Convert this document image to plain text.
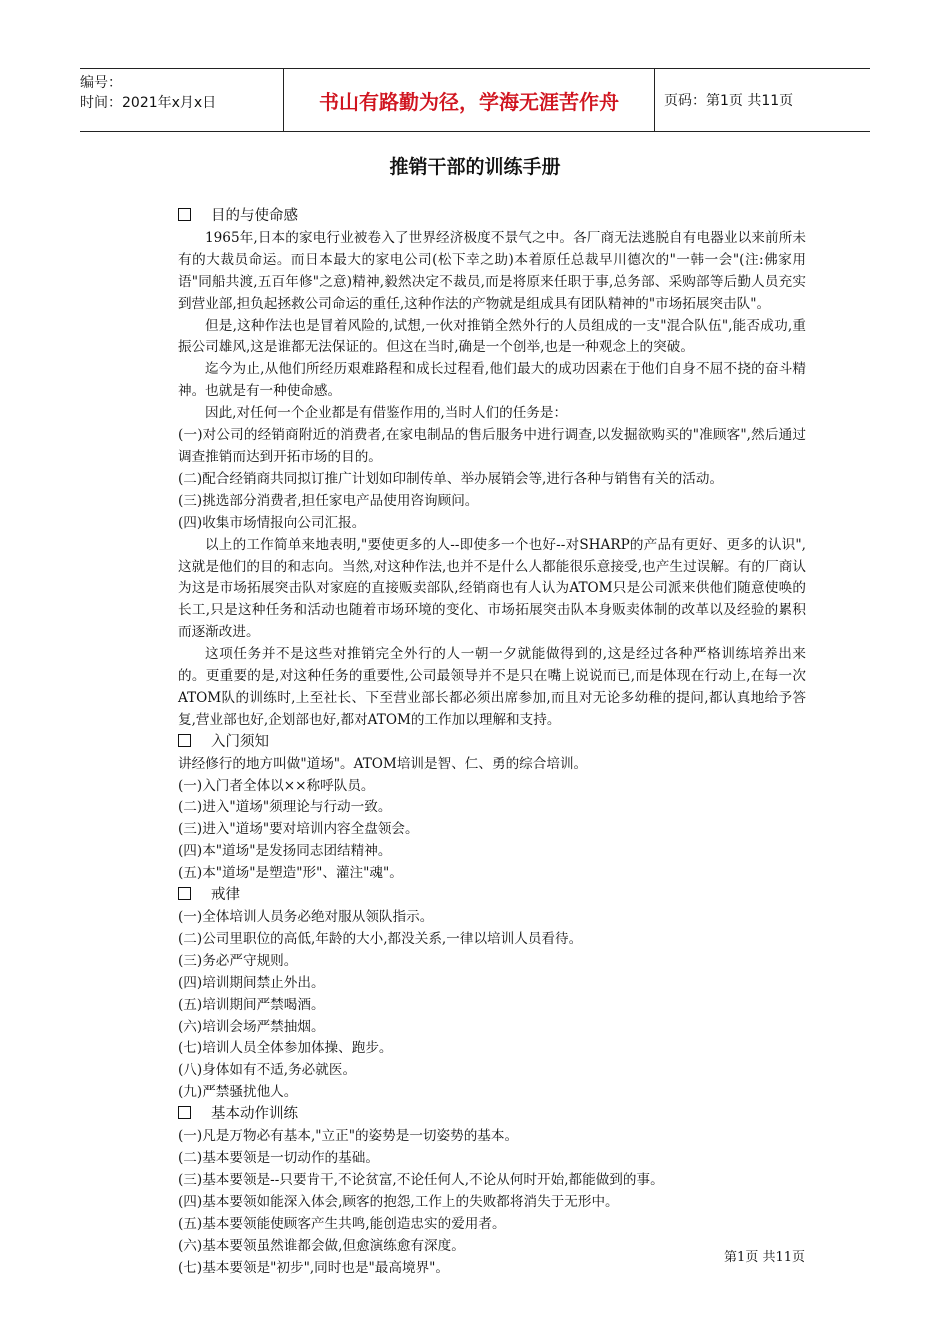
编号：
时间：2021年x月x日	书山有路勤为径，学海无涯苦作舟	页码：第1页 共11页
推销干部的训练手册
目的与使命感
1965年,日本的家电行业被卷入了世界经济极度不景气之中。各厂商无法逃脱自有电器业以来前所未有的大裁员命运。而日本最大的家电公司(松下幸之助)本着原任总裁早川德次的"一韩一会"(注:佛家用语"同船共渡,五百年修"之意)精神,毅然决定不裁员,而是将原来任职于事,总务部、采购部等后勤人员充实到营业部,担负起拯救公司命运的重任,这种作法的产物就是组成具有团队精神的"市场拓展突击队"。
但是,这种作法也是冒着风险的,试想,一伙对推销全然外行的人员组成的一支"混合队伍",能否成功,重振公司雄风,这是谁都无法保证的。但这在当时,确是一个创举,也是一种观念上的突破。
迄今为止,从他们所经历艰难路程和成长过程看,他们最大的成功因素在于他们自身不屈不挠的奋斗精神。也就是有一种使命感。
因此,对任何一个企业都是有借鉴作用的,当时人们的任务是：
(一)对公司的经销商附近的消费者,在家电制品的售后服务中进行调查,以发掘欲购买的"准顾客",然后通过调查推销而达到开拓市场的目的。
(二)配合经销商共同拟订推广计划如印制传单、举办展销会等,进行各种与销售有关的活动。
(三)挑选部分消费者,担任家电产品使用咨询顾问。
(四)收集市场情报向公司汇报。
以上的工作简单来地表明,"要使更多的人--即使多一个也好--对SHARP的产品有更好、更多的认识",这就是他们的目的和志向。当然,对这种作法,也并不是什么人都能很乐意接受,也产生过误解。有的厂商认为这是市场拓展突击队对家庭的直接贩卖部队,经销商也有人认为ATOM只是公司派来供他们随意使唤的长工,只是这种任务和活动也随着市场环境的变化、市场拓展突击队本身贩卖体制的改革以及经验的累积而逐渐改进。
这项任务并不是这些对推销完全外行的人一朝一夕就能做得到的,这是经过各种严格训练培养出来的。更重要的是,对这种任务的重要性,公司最领导并不是只在嘴上说说而已,而是体现在行动上,在每一次ATOM队的训练时,上至社长、下至营业部长都必须出席参加,而且对无论多幼稚的提问,都认真地给予答复,营业部也好,企划部也好,都对ATOM的工作加以理解和支持。
入门须知
讲经修行的地方叫做"道场"。ATOM培训是智、仁、勇的综合培训。
(一)入门者全体以××称呼队员。
(二)进入"道场"须理论与行动一致。
(三)进入"道场"要对培训内容全盘领会。
(四)本"道场"是发扬同志团结精神。
(五)本"道场"是塑造"形"、灌注"魂"。
戒律
(一)全体培训人员务必绝对服从领队指示。
(二)公司里职位的高低,年龄的大小,都没关系,一律以培训人员看待。
(三)务必严守规则。
(四)培训期间禁止外出。
(五)培训期间严禁喝酒。
(六)培训会场严禁抽烟。
(七)培训人员全体参加体操、跑步。
(八)身体如有不适,务必就医。
(九)严禁骚扰他人。
基本动作训练
(一)凡是万物必有基本,"立正"的姿势是一切姿势的基本。
(二)基本要领是一切动作的基础。
(三)基本要领是--只要肯干,不论贫富,不论任何人,不论从何时开始,都能做到的事。
(四)基本要领如能深入体会,顾客的抱怨,工作上的失败都将消失于无形中。
(五)基本要领能使顾客产生共鸣,能创造忠实的爱用者。
(六)基本要领虽然谁都会做,但愈演练愈有深度。
(七)基本要领是"初步",同时也是"最高境界"。
第1页 共11页
